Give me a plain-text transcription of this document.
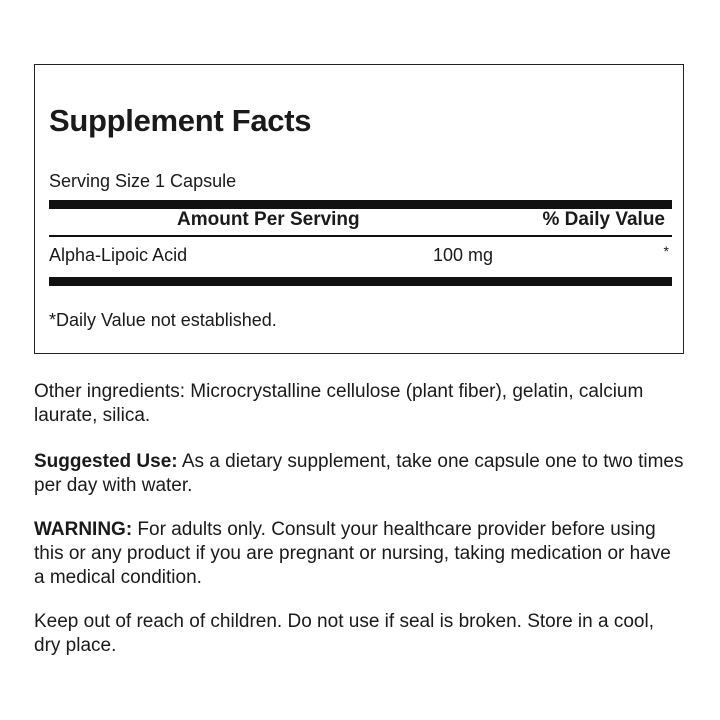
Supplement Facts
Serving Size 1 Capsule
Amount Per Serving	% Daily Value
Alpha-Lipoic Acid	100 mg	*
*Daily Value not established.

Other ingredients: Microcrystalline cellulose (plant fiber), gelatin, calcium laurate, silica.

Suggested Use: As a dietary supplement, take one capsule one to two times per day with water.

WARNING: For adults only. Consult your healthcare provider before using this or any product if you are pregnant or nursing, taking medication or have a medical condition.

Keep out of reach of children. Do not use if seal is broken. Store in a cool, dry place.
